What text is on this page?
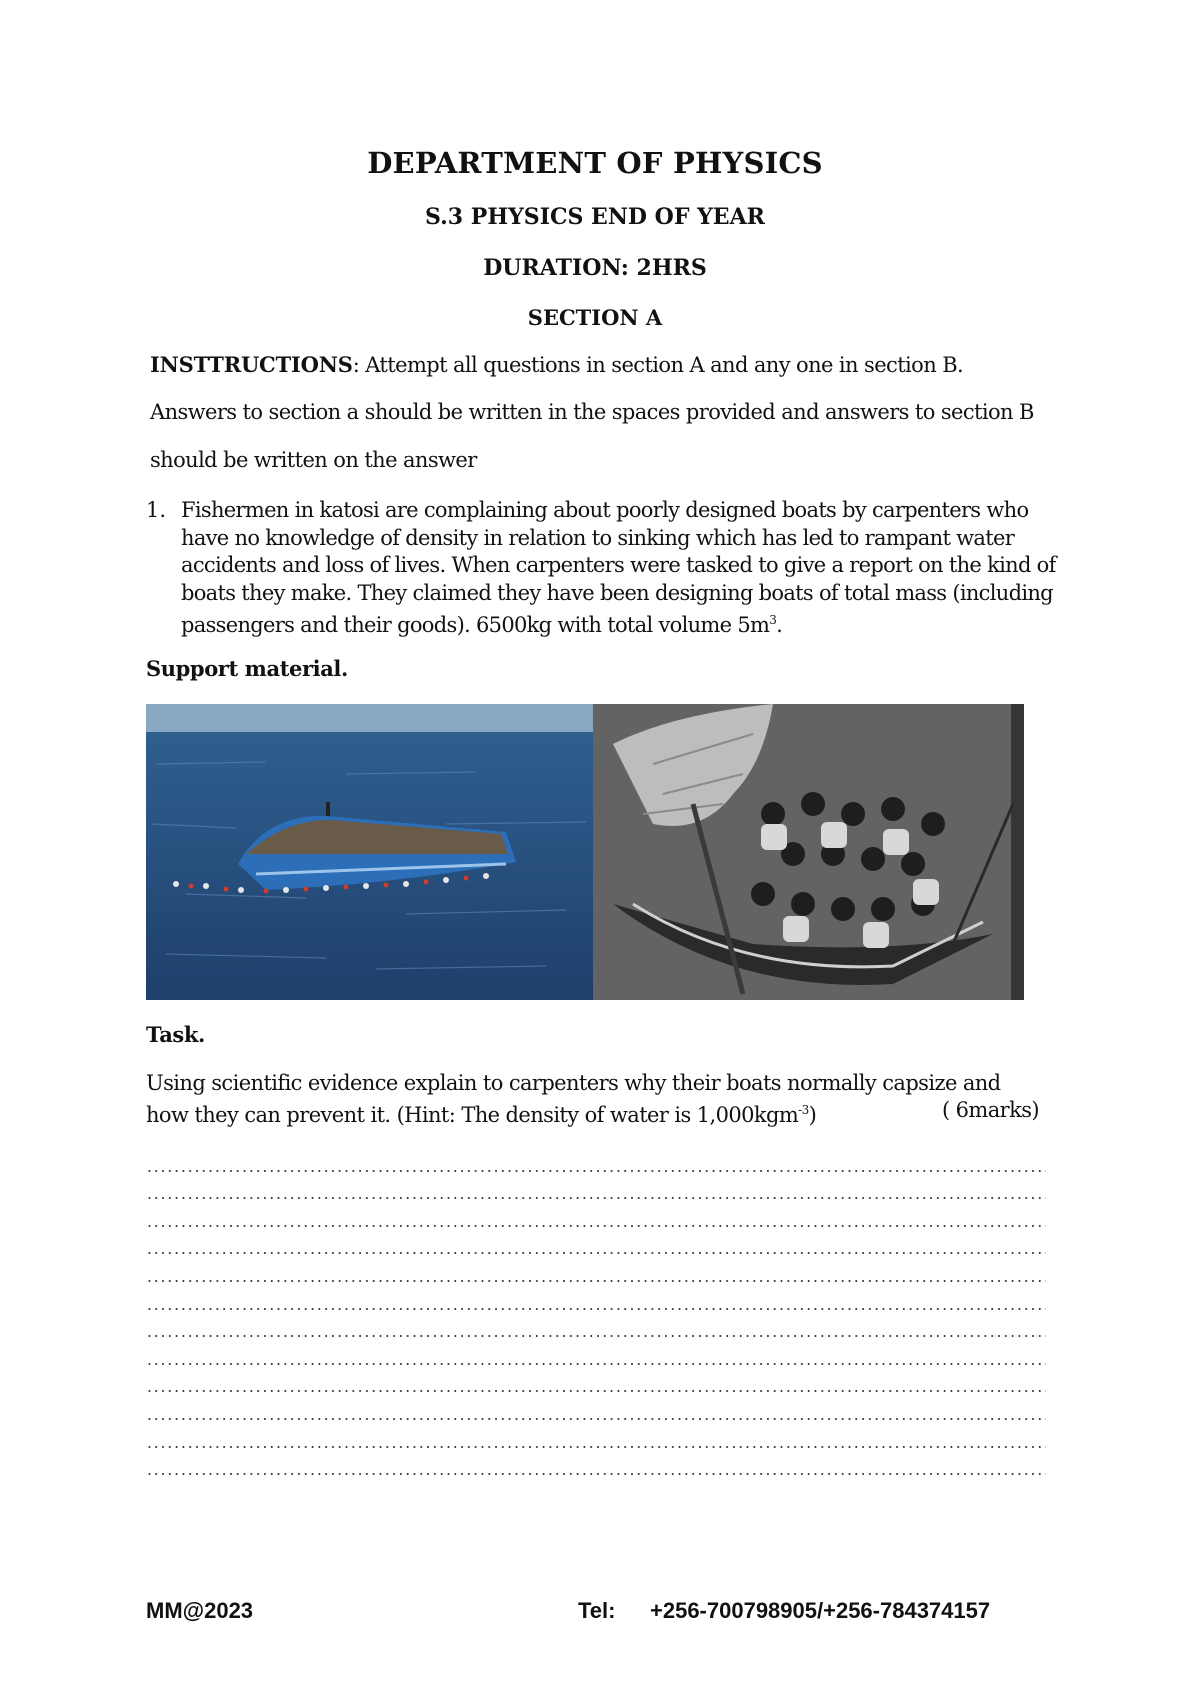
DEPARTMENT OF PHYSICS
S.3 PHYSICS END OF YEAR
DURATION: 2HRS
SECTION A
INSTTRUCTIONS: Attempt all questions in section A and any one in section B.
Answers to section a should be written in the spaces provided and answers to section B
should be written on the answer
1. Fishermen in katosi are complaining about poorly designed boats by carpenters who have no knowledge of density in relation to sinking which has led to rampant water accidents and loss of lives. When carpenters were tasked to give a report on the kind of boats they make. They claimed they have been designing boats of total mass (including passengers and their goods). 6500kg with total volume $5m^3$.
Support material.
Task.
Using scientific evidence explain to carpenters why their boats normally capsize and how they can prevent it. (Hint: The density of water is 1,000kgm$^{-3}$)	( 6marks)
MM@2023	Tel: +256-700798905/+256-784374157
